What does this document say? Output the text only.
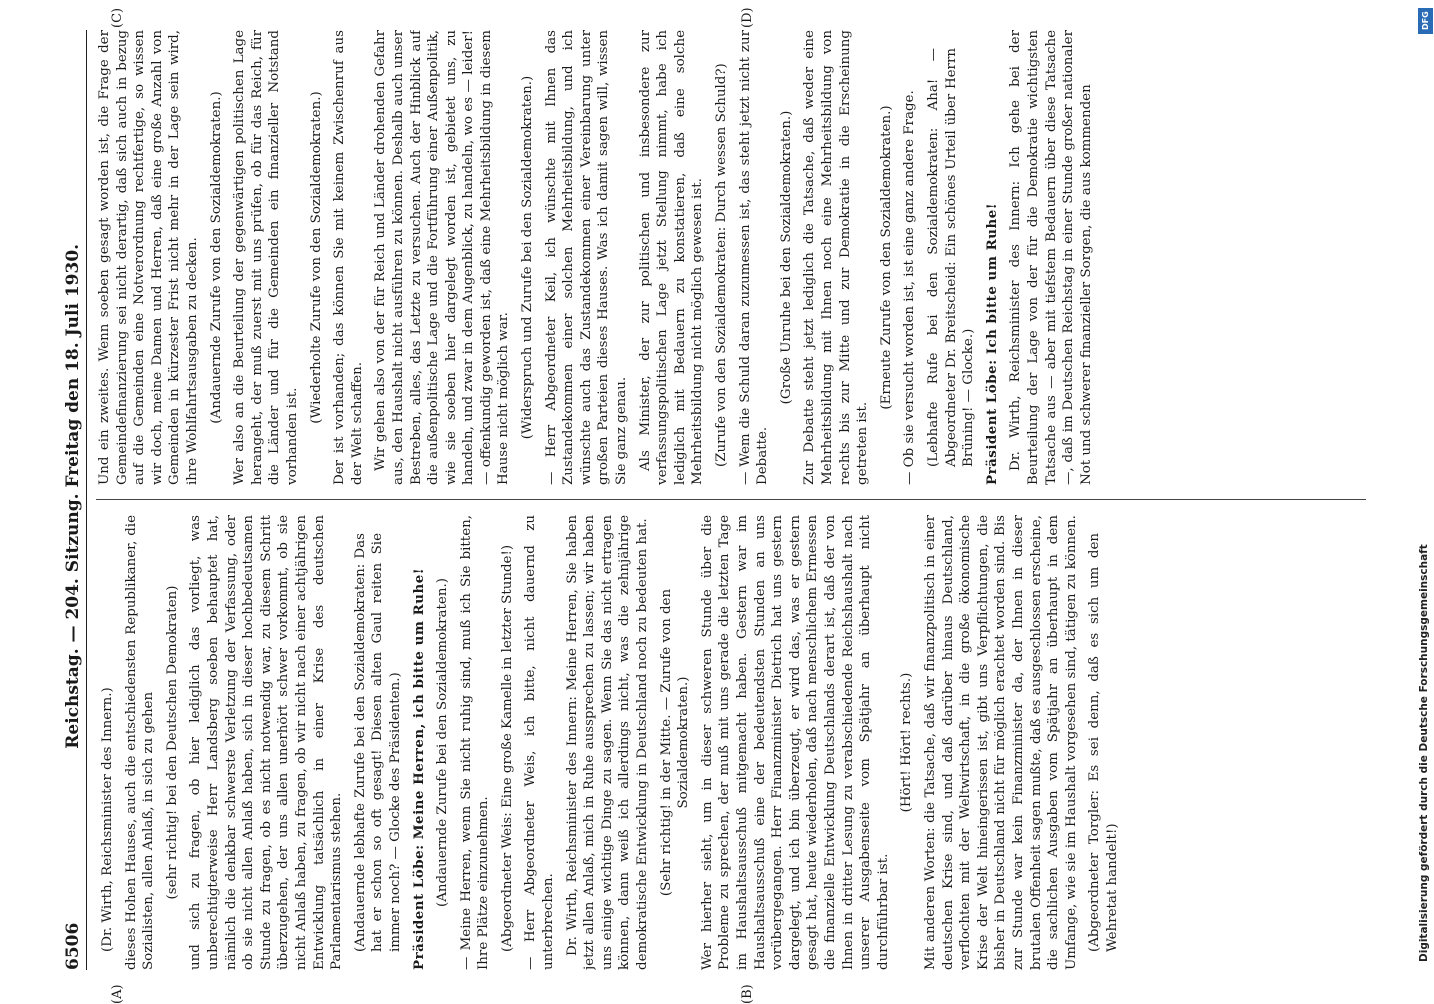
6506
Reichstag. — 204. Sitzung. Freitag den 18. Juli 1930.

(Dr. Wirth, Reichsminister des Innern.) dieses Hohen Hauses, auch die entschiedensten Republikaner, die Sozialisten, allen Anlaß, in sich zu gehen (sehr richtig! bei den Deutschen Demokraten) und sich zu fragen, ob hier lediglich das vorliegt, was unberechtigterweise Herr Landsberg soeben behauptet hat, nämlich die denkbar schwerste Verletzung der Verfassung, oder ob sie nicht allen Anlaß haben, sich in dieser hochbedeutsamen Stunde zu fragen, ob es nicht notwendig war, zu diesem Schritt überzugehen, der uns allen unerhört schwer vorkommt, ob sie nicht Anlaß haben, zu fragen, ob wir nicht nach einer achtjährigen Entwicklung tatsächlich in einer Krise des deutschen Parlamentarismus stehen. (Andauernde lebhafte Zurufe bei den Sozialdemokraten: Das hat er schon so oft gesagt! Diesen alten Gaul reiten Sie immer noch? — Glocke des Präsidenten.) Präsident Löbe: Meine Herren, ich bitte um Ruhe! (Andauernde Zurufe bei den Sozialdemokraten.) — Meine Herren, wenn Sie nicht ruhig sind, muß ich Sie bitten, Ihre Plätze einzunehmen. (Abgeordneter Weis: Eine große Kamelle in letzter Stunde!) — Herr Abgeordneter Weis, ich bitte, nicht dauernd zu unterbrechen. Dr. Wirth, Reichsminister des Innern: Meine Herren, Sie haben jetzt allen Anlaß, mich in Ruhe aussprechen zu lassen; wir haben uns einige wichtige Dinge zu sagen. Wenn Sie das nicht ertragen können, dann weiß ich allerdings nicht, was die zehnjährige demokratische Entwicklung in Deutschland noch zu bedeuten hat. (Sehr richtig! in der Mitte. — Zurufe von den Sozialdemokraten.) Wer hierher sieht, um in dieser schweren Stunde über die Probleme zu sprechen, der muß mit uns gerade die letzten Tage im Haushaltsausschuß mitgemacht haben. Gestern war im Haushaltsausschuß eine der bedeutendsten Stunden an uns vorübergegangen. Herr Finanzminister Dietrich hat uns gestern dargelegt, und ich bin überzeugt, er wird das, was er gestern gesagt hat, heute wiederholen, daß nach menschlichem Ermessen die finanzielle Entwicklung Deutschlands derart ist, daß der von Ihnen in dritter Lesung zu verabschiedende Reichshaushalt nach unserer Ausgabenseite vom Spätjahr an überhaupt nicht durchführbar ist.

(Hört! Hört! rechts.) Mit anderen Worten: die Tatsache, daß wir finanzpolitisch in einer deutschen Krise sind, und daß darüber hinaus Deutschland, verflochten mit der Weltwirtschaft, in die große ökonomische Krise der Welt hineingerissen ist, gibt uns Verpflichtungen, die bisher in Deutschland nicht für möglich erachtet worden sind. Bis zur Stunde war kein Finanzminister da, der Ihnen in dieser brutalen Offenheit sagen mußte, daß es ausgeschlossen erscheine, die sachlichen Ausgaben vom Spätjahr an überhaupt in dem Umfange, wie sie im Haushalt vorgesehen sind, tätigen zu können. (Abgeordneter Torgler: Es sei denn, daß es sich um den Wehretat handelt!)

Und ein zweites. Wenn soeben gesagt worden ist, die Frage der Gemeindefinanzierung sei nicht derartig, daß sich auch in bezug auf die Gemeinden eine Notverordnung rechtfertige, so wissen wir doch, meine Damen und Herren, daß eine große Anzahl von Gemeinden in kürzester Frist nicht mehr in der Lage sein wird, ihre Wohlfahrtsausgaben zu decken. (Andauernde Zurufe von den Sozialdemokraten.) Wer also an die Beurteilung der gegenwärtigen politischen Lage herangeht, der muß zuerst mit uns prüfen, ob für das Reich, für die Länder und für die Gemeinden ein finanzieller Notstand vorhanden ist.

(Wiederholte Zurufe von den Sozialdemokraten.) Der ist vorhanden; das können Sie mit keinem Zwischenruf aus der Welt schaffen. Wir gehen also von der für Reich und Länder drohenden Gefahr aus, den Haushalt nicht ausführen zu können. Deshalb auch unser Bestreben, alles, das Letzte zu versuchen. Auch der Hinblick auf die außenpolitische Lage und die Fortführung einer Außenpolitik, wie sie soeben hier dargelegt worden ist, gebietet uns, zu handeln, und zwar in dem Augenblick, zu handeln, wo es — leider! — offenkundig geworden ist, daß eine Mehrheitsbildung in diesem Hause nicht möglich war. (Widerspruch und Zurufe bei den Sozialdemokraten.) — Herr Abgeordneter Keil, ich wünschte mit Ihnen das Zustandekommen einer solchen Mehrheitsbildung, und ich wünschte auch das Zustandekommen einer Vereinbarung unter großen Parteien dieses Hauses. Was ich damit sagen will, wissen Sie ganz genau. Als Minister, der zur politischen und insbesondere zur verfassungspolitischen Lage jetzt Stellung nimmt, habe ich lediglich mit Bedauern zu konstatieren, daß eine solche Mehrheitsbildung nicht möglich gewesen ist. (Zurufe von den Sozialdemokraten: Durch wessen Schuld?) — Wem die Schuld daran zuzumessen ist, das steht jetzt nicht zur Debatte.

(Große Unruhe bei den Sozialdemokraten.) Zur Debatte steht jetzt lediglich die Tatsache, daß weder eine Mehrheitsbildung mit Ihnen noch eine Mehrheitsbildung von rechts bis zur Mitte und zur Demokratie in die Erscheinung getreten ist.

(Erneute Zurufe von den Sozialdemokraten.) — Ob sie versucht worden ist, ist eine ganz andere Frage. (Lebhafte Rufe bei den Sozialdemokraten: Aha! — Abgeordneter Dr. Breitscheid: Ein schönes Urteil über Herrn Brüning! — Glocke.) Präsident Löbe: Ich bitte um Ruhe! Dr. Wirth, Reichsminister des Innern: Ich gehe bei der Beurteilung der Lage von der für die Demokratie wichtigsten Tatsache aus — aber mit tiefstem Bedauern über diese Tatsache —, daß im Deutschen Reichstag in einer Stunde großer nationaler Not und schwerer finanzieller Sorgen, die aus kommenden

(A)	(B)
(C)	(D)	DFG
Digitalisierung gefördert durch die Deutsche Forschungsgemeinschaft
